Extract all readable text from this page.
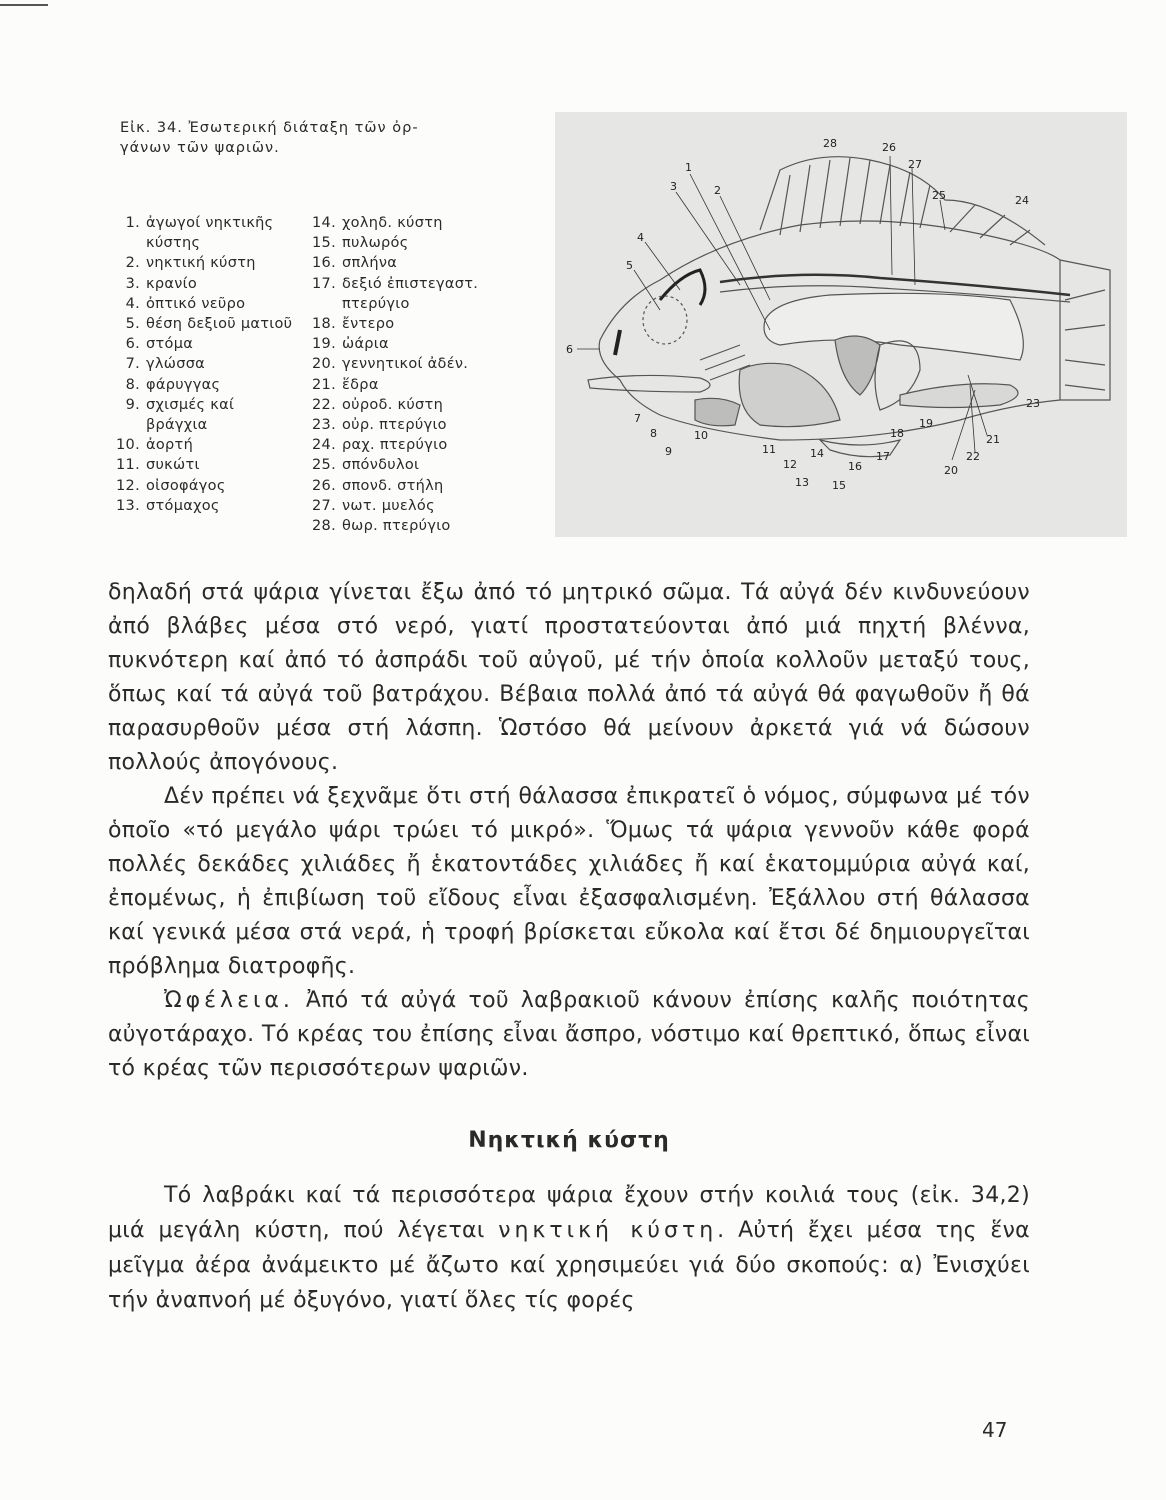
Εἰκ. 34. Ἐσωτερική διάταξη τῶν ὀρ-
γάνων τῶν ψαριῶν.
1. ἀγωγοί νηκτικῆς κύστης
2. νηκτική κύστη
3. κρανίο
4. ὀπτικό νεῦρο
5. θέση δεξιοῦ ματιοῦ
6. στόμα
7. γλώσσα
8. φάρυγγας
9. σχισμές καί βράγχια
10. ἀορτή
11. συκώτι
12. οἰσοφάγος
13. στόμαχος
14. χοληδ. κύστη
15. πυλωρός
16. σπλήνα
17. δεξιό ἐπιστεγαστ. πτερύγιο
18. ἔντερο
19. ὠάρια
20. γεννητικοί ἀδέν.
21. ἕδρα
22. οὐροδ. κύστη
23. οὐρ. πτερύγιο
24. ραχ. πτερύγιο
25. σπόνδυλοι
26. σπονδ. στήλη
27. νωτ. μυελός
28. θωρ. πτερύγιο
28	26
27
25	24
3
1
2
4
5
6
7
8
9
10
11
12
13
14
15
16
17
18
19
20
21
22
23

δηλαδή στά ψάρια γίνεται ἔξω ἀπό τό μητρικό σῶμα. Τά αὐγά δέν κινδυνεύουν ἀπό βλάβες μέσα στό νερό, γιατί προστατεύονται ἀπό μιά πηχτή βλέννα, πυκνότερη καί ἀπό τό ἀσπράδι τοῦ αὐγοῦ, μέ τήν ὁποία κολλοῦν μεταξύ τους, ὅπως καί τά αὐγά τοῦ βατράχου. Βέβαια πολλά ἀπό τά αὐγά θά φαγωθοῦν ἤ θά παρασυρθοῦν μέσα στή λάσπη. Ὡστόσο θά μείνουν ἀρκετά γιά νά δώσουν πολλούς ἀπογόνους.

Δέν πρέπει νά ξεχνᾶμε ὅτι στή θάλασσα ἐπικρατεῖ ὁ νόμος, σύμφωνα μέ τόν ὁποῖο «τό μεγάλο ψάρι τρώει τό μικρό». Ὅμως τά ψάρια γεννοῦν κάθε φορά πολλές δεκάδες χιλιάδες ἤ ἑκατοντάδες χιλιάδες ἤ καί ἑκατομμύρια αὐγά καί, ἐπομένως, ἡ ἐπιβίωση τοῦ εἴδους εἶναι ἐξασφαλισμένη. Ἐξάλλου στή θάλασσα καί γενικά μέσα στά νερά, ἡ τροφή βρίσκεται εὔκολα καί ἔτσι δέ δημιουργεῖται πρόβλημα διατροφῆς.

Ὠφέλεια. Ἀπό τά αὐγά τοῦ λαβρακιοῦ κάνουν ἐπίσης καλῆς ποιότητας αὐγοτάραχο. Τό κρέας του ἐπίσης εἶναι ἄσπρο, νόστιμο καί θρεπτικό, ὅπως εἶναι τό κρέας τῶν περισσότερων ψαριῶν.

Νηκτική κύστη

Τό λαβράκι καί τά περισσότερα ψάρια ἔχουν στήν κοιλιά τους (εἰκ. 34,2) μιά μεγάλη κύστη, πού λέγεται νηκτική κύστη. Αὐτή ἔχει μέσα της ἕνα μεῖγμα ἀέρα ἀνάμεικτο μέ ἄζωτο καί χρησιμεύει γιά δύο σκοπούς: α) Ἐνισχύει τήν ἀναπνοή μέ ὀξυγόνο, γιατί ὅλες τίς φορές

47
